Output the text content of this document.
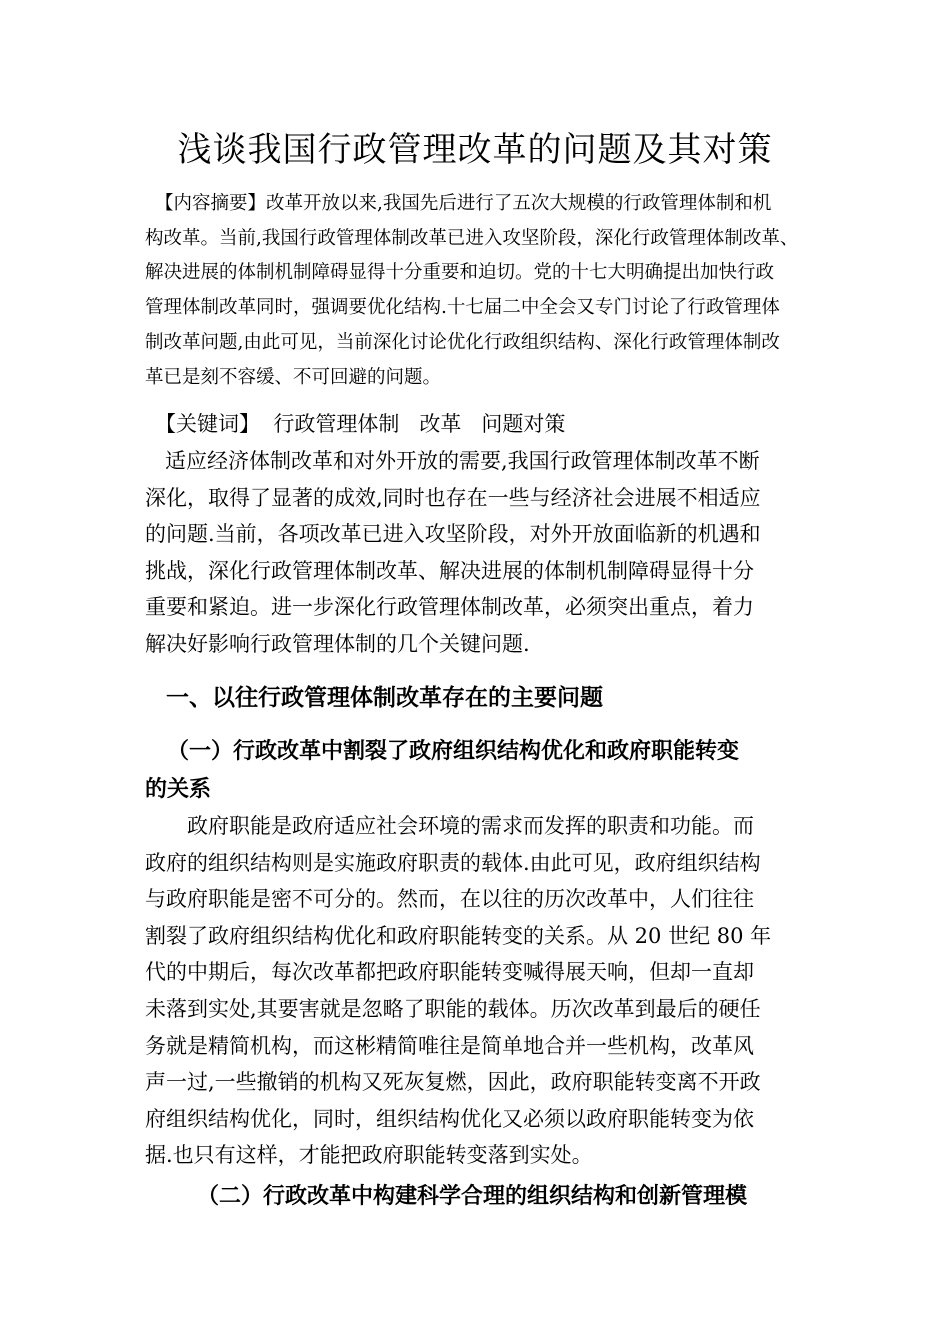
浅谈我国行政管理改革的问题及其对策
【内容摘要】改革开放以来,我国先后进行了五次大规模的行政管理体制和机
构改革。当前,我国行政管理体制改革已进入攻坚阶段，深化行政管理体制改革、
解决进展的体制机制障碍显得十分重要和迫切。党的十七大明确提出加快行政
管理体制改革同时，强调要优化结构.十七届二中全会又专门讨论了行政管理体
制改革问题,由此可见，当前深化讨论优化行政组织结构、深化行政管理体制改
革已是刻不容缓、不可回避的问题。

【关键词】  行政管理体制   改革   问题对策

适应经济体制改革和对外开放的需要,我国行政管理体制改革不断
深化，取得了显著的成效,同时也存在一些与经济社会进展不相适应
的问题.当前，各项改革已进入攻坚阶段，对外开放面临新的机遇和
挑战，深化行政管理体制改革、解决进展的体制机制障碍显得十分
重要和紧迫。进一步深化行政管理体制改革，必须突出重点，着力
解决好影响行政管理体制的几个关键问题.
一、以往行政管理体制改革存在的主要问题
（一）行政改革中割裂了政府组织结构优化和政府职能转变
的关系
政府职能是政府适应社会环境的需求而发挥的职责和功能。而
政府的组织结构则是实施政府职责的载体.由此可见，政府组织结构
与政府职能是密不可分的。然而，在以往的历次改革中，人们往往
割裂了政府组织结构优化和政府职能转变的关系。从 20 世纪 80 年
代的中期后，每次改革都把政府职能转变喊得展天响，但却一直却
未落到实处,其要害就是忽略了职能的载体。历次改革到最后的硬任
务就是精简机构，而这彬精简唯往是简单地合并一些机构，改革风
声一过,一些撤销的机构又死灰复燃，因此，政府职能转变离不开政
府组织结构优化，同时，组织结构优化又必须以政府职能转变为依
据.也只有这样，才能把政府职能转变落到实处。
（二）行政改革中构建科学合理的组织结构和创新管理模
